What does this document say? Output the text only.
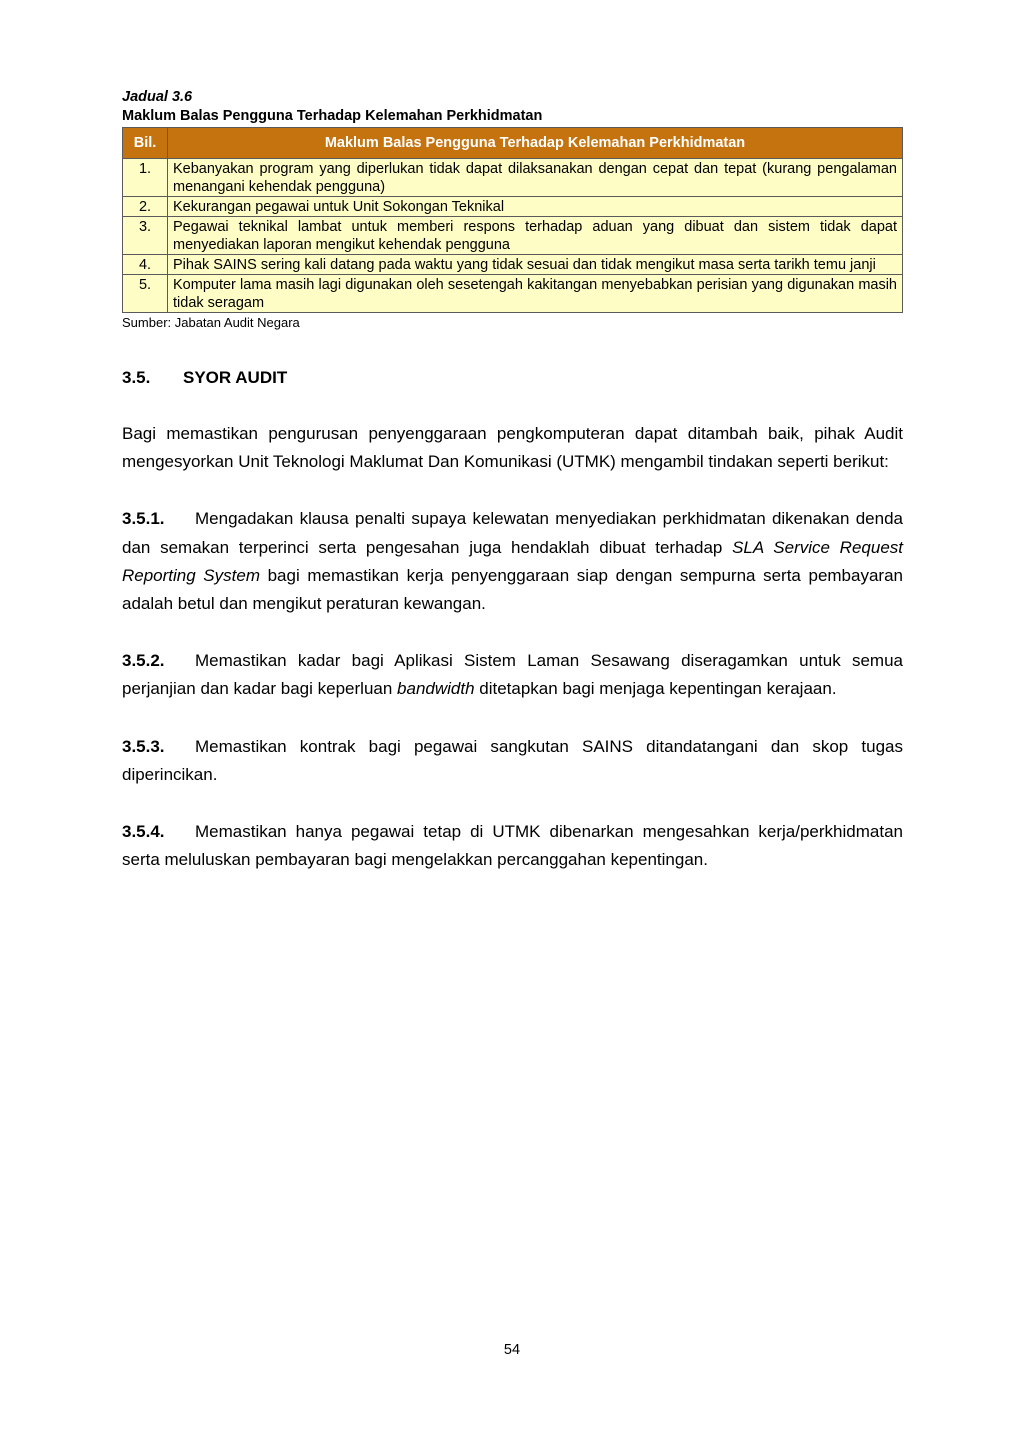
Jadual 3.6
Maklum Balas Pengguna Terhadap Kelemahan Perkhidmatan
Bil.	Maklum Balas Pengguna Terhadap Kelemahan Perkhidmatan
1.	Kebanyakan program yang diperlukan tidak dapat dilaksanakan dengan cepat dan tepat (kurang pengalaman menangani kehendak pengguna)
2.	Kekurangan pegawai untuk Unit Sokongan Teknikal
3.	Pegawai teknikal lambat untuk memberi respons terhadap aduan yang dibuat dan sistem tidak dapat menyediakan laporan mengikut kehendak pengguna
4.	Pihak SAINS sering kali datang pada waktu yang tidak sesuai dan tidak mengikut masa serta tarikh temu janji
5.	Komputer lama masih lagi digunakan oleh sesetengah kakitangan menyebabkan perisian yang digunakan masih tidak seragam
Sumber: Jabatan Audit Negara
3.5. SYOR AUDIT

Bagi memastikan pengurusan penyenggaraan pengkomputeran dapat ditambah baik, pihak Audit mengesyorkan Unit Teknologi Maklumat Dan Komunikasi (UTMK) mengambil tindakan seperti berikut:

3.5.1. Mengadakan klausa penalti supaya kelewatan menyediakan perkhidmatan dikenakan denda dan semakan terperinci serta pengesahan juga hendaklah dibuat terhadap SLA Service Request Reporting System bagi memastikan kerja penyenggaraan siap dengan sempurna serta pembayaran adalah betul dan mengikut peraturan kewangan.

3.5.2. Memastikan kadar bagi Aplikasi Sistem Laman Sesawang diseragamkan untuk semua perjanjian dan kadar bagi keperluan bandwidth ditetapkan bagi menjaga kepentingan kerajaan.

3.5.3. Memastikan kontrak bagi pegawai sangkutan SAINS ditandatangani dan skop tugas diperincikan.

3.5.4. Memastikan hanya pegawai tetap di UTMK dibenarkan mengesahkan kerja/perkhidmatan serta meluluskan pembayaran bagi mengelakkan percanggahan kepentingan.

54
